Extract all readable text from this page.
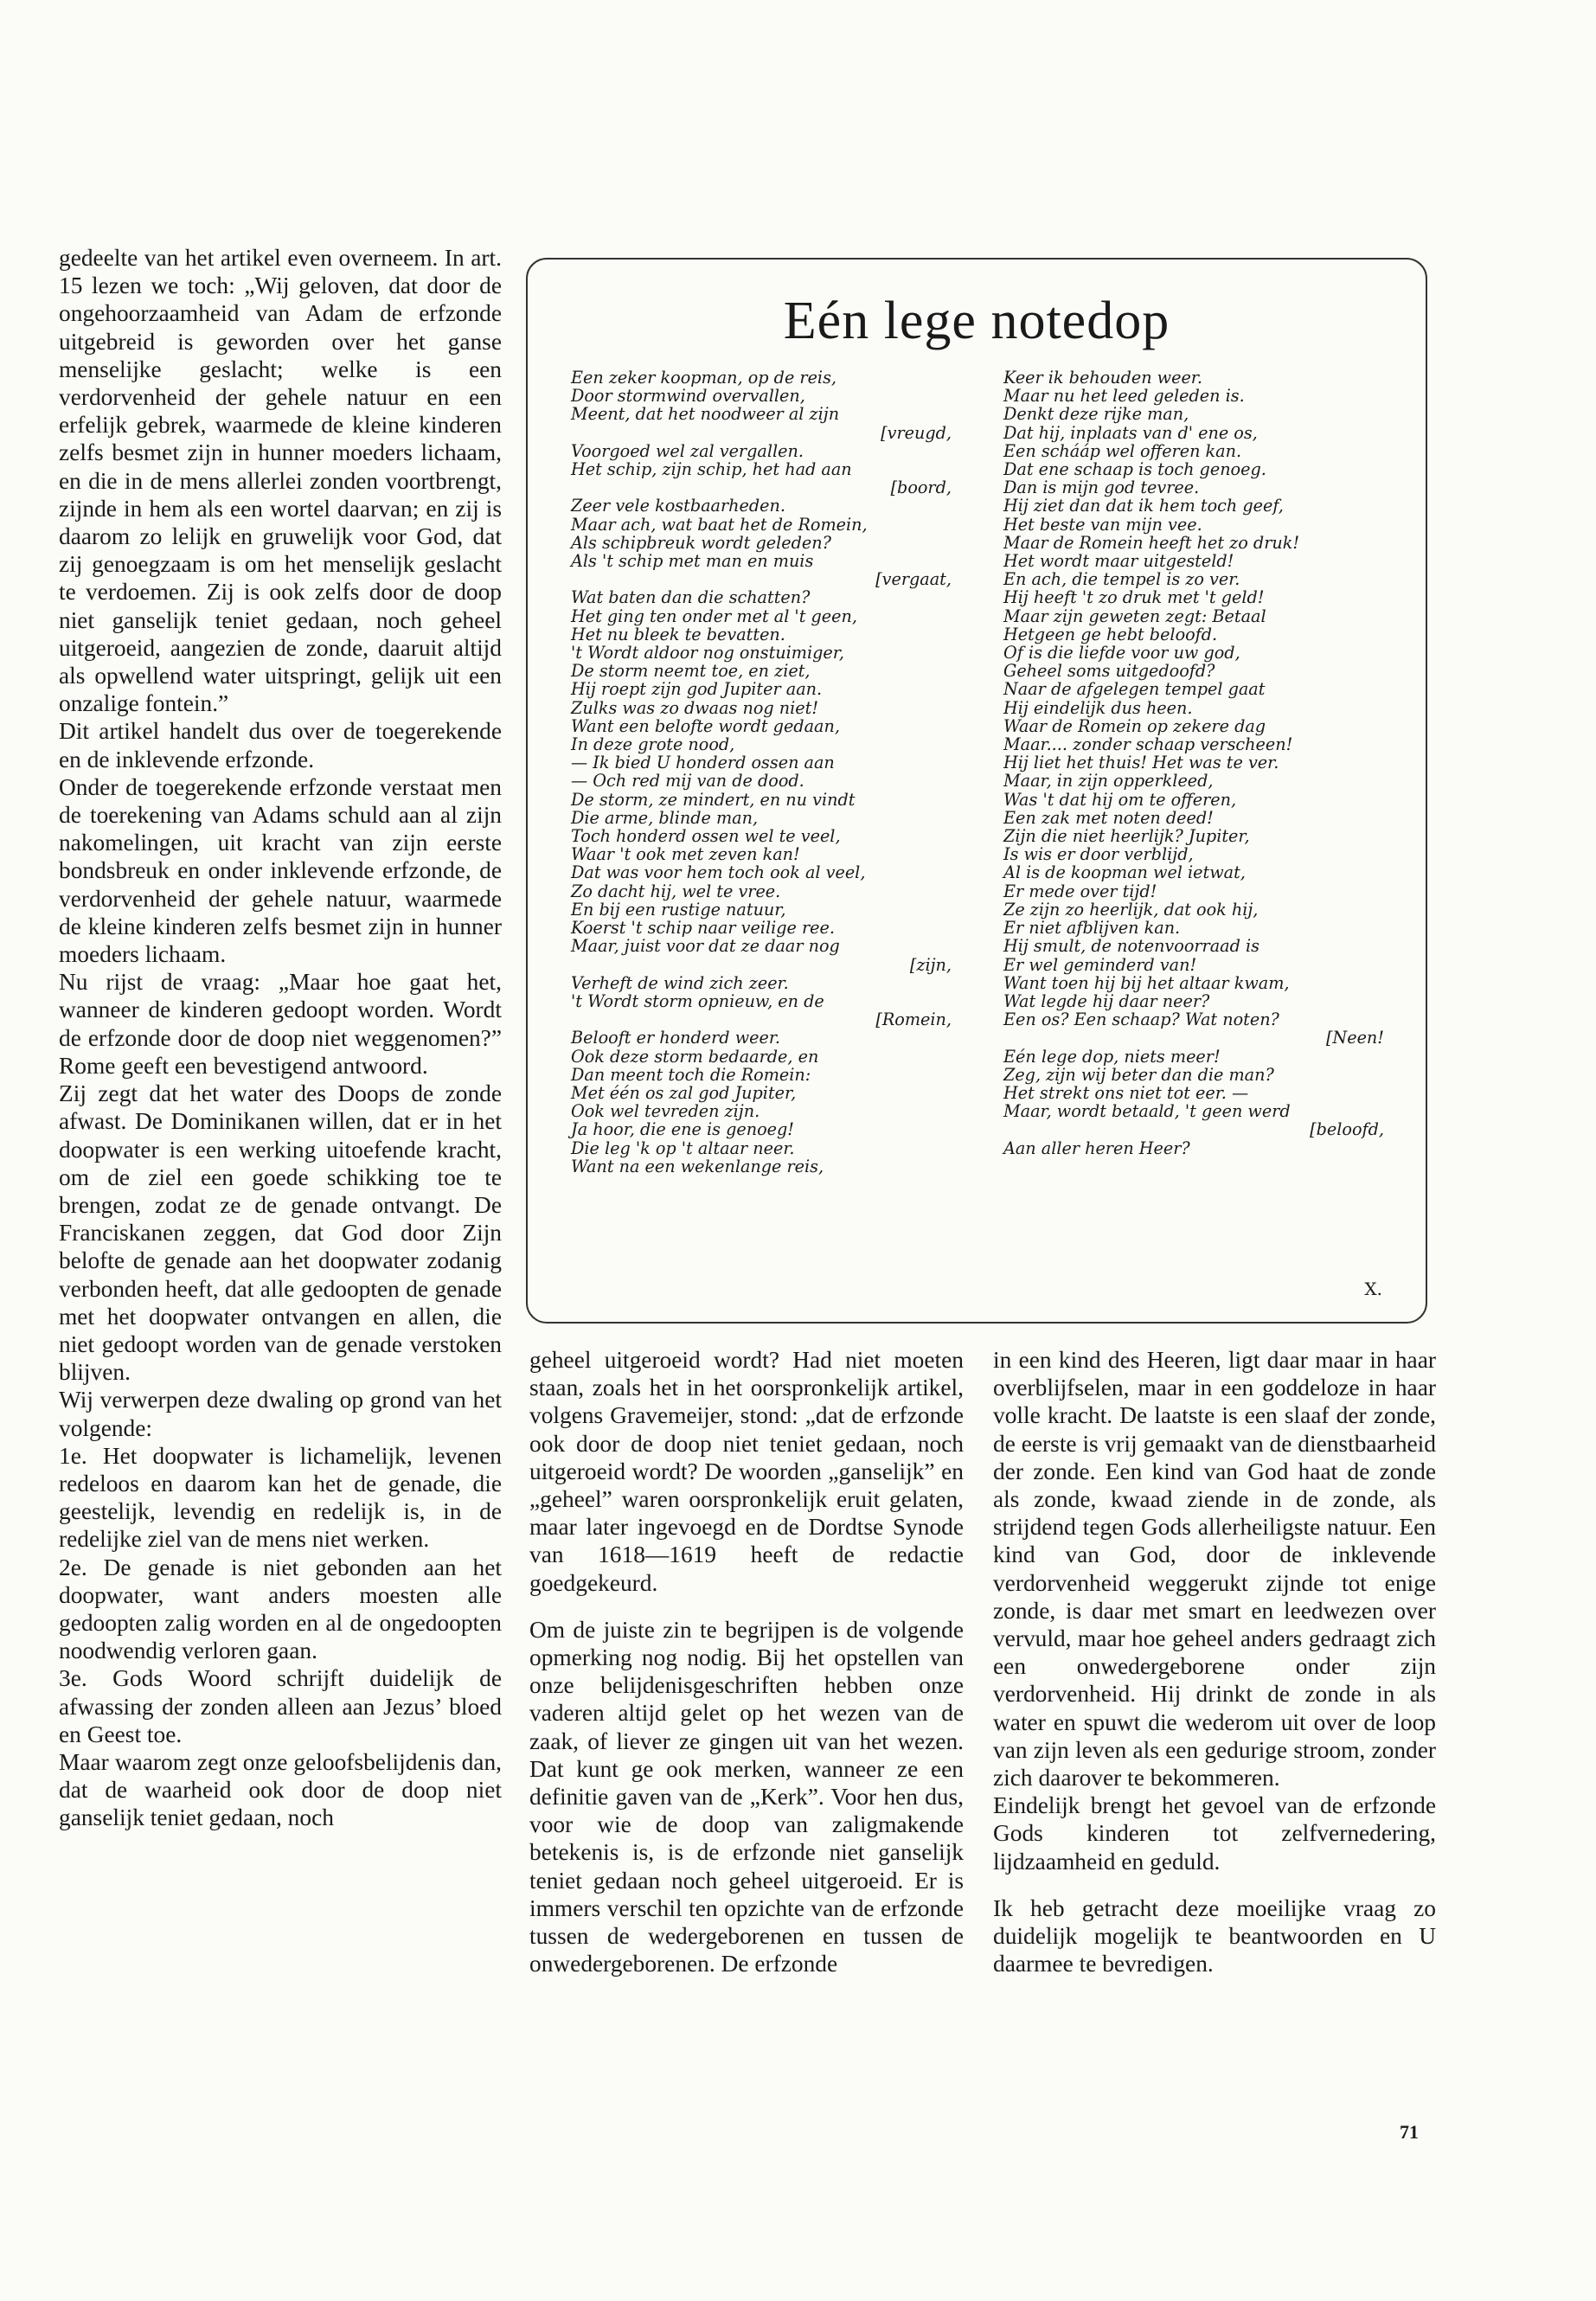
gedeelte van het artikel even overneem. In art. 15 lezen we toch: „Wij geloven, dat door de ongehoorzaamheid van Adam de erfzonde uitgebreid is geworden over het ganse menselijke geslacht; welke is een verdorvenheid der gehele natuur en een erfelijk gebrek, waarmede de kleine kinderen zelfs besmet zijn in hunner moeders lichaam, en die in de mens allerlei zonden voortbrengt, zijnde in hem als een wortel daarvan; en zij is daarom zo lelijk en gruwelijk voor God, dat zij genoegzaam is om het menselijk geslacht te verdoemen. Zij is ook zelfs door de doop niet ganselijk teniet gedaan, noch geheel uitgeroeid, aangezien de zonde, daaruit altijd als opwellend water uitspringt, gelijk uit een onzalige fontein.”

Dit artikel handelt dus over de toegerekende en de inklevende erfzonde.

Onder de toegerekende erfzonde verstaat men de toerekening van Adams schuld aan al zijn nakomelingen, uit kracht van zijn eerste bondsbreuk en onder inklevende erfzonde, de verdorvenheid der gehele natuur, waarmede de kleine kinderen zelfs besmet zijn in hunner moeders lichaam.

Nu rijst de vraag: „Maar hoe gaat het, wanneer de kinderen gedoopt worden. Wordt de erfzonde door de doop niet weggenomen?” Rome geeft een bevestigend antwoord.

Zij zegt dat het water des Doops de zonde afwast. De Dominikanen willen, dat er in het doopwater is een werking uitoefende kracht, om de ziel een goede schikking toe te brengen, zodat ze de genade ontvangt. De Franciskanen zeggen, dat God door Zijn belofte de genade aan het doopwater zodanig verbonden heeft, dat alle gedoopten de genade met het doopwater ontvangen en allen, die niet gedoopt worden van de genade verstoken blijven.

Wij verwerpen deze dwaling op grond van het volgende:

1e. Het doopwater is lichamelijk, levenen redeloos en daarom kan het de genade, die geestelijk, levendig en redelijk is, in de redelijke ziel van de mens niet werken.

2e. De genade is niet gebonden aan het doopwater, want anders moesten alle gedoopten zalig worden en al de ongedoopten noodwendig verloren gaan.

3e. Gods Woord schrijft duidelijk de afwassing der zonden alleen aan Jezus’ bloed en Geest toe.

Maar waarom zegt onze geloofsbelijdenis dan, dat de waarheid ook door de doop niet ganselijk teniet gedaan, noch

Eén lege notedop
Een zeker koopman, op de reis,
Door stormwind overvallen,
Meent, dat het noodweer al zijn
[vreugd,
Voorgoed wel zal vergallen.
Het schip, zijn schip, het had aan
[boord,
Zeer vele kostbaarheden.
Maar ach, wat baat het de Romein,
Als schipbreuk wordt geleden?
Als 't schip met man en muis
[vergaat,
Wat baten dan die schatten?
Het ging ten onder met al 't geen,
Het nu bleek te bevatten.
't Wordt aldoor nog onstuimiger,
De storm neemt toe, en ziet,
Hij roept zijn god Jupiter aan.
Zulks was zo dwaas nog niet!
Want een belofte wordt gedaan,
In deze grote nood,
— Ik bied U honderd ossen aan
— Och red mij van de dood.
De storm, ze mindert, en nu vindt
Die arme, blinde man,
Toch honderd ossen wel te veel,
Waar 't ook met zeven kan!
Dat was voor hem toch ook al veel,
Zo dacht hij, wel te vree.
En bij een rustige natuur,
Koerst 't schip naar veilige ree.
Maar, juist voor dat ze daar nog
[zijn,
Verheft de wind zich zeer.
't Wordt storm opnieuw, en de
[Romein,
Belooft er honderd weer.
Ook deze storm bedaarde, en
Dan meent toch die Romein:
Met één os zal god Jupiter,
Ook wel tevreden zijn.
Ja hoor, die ene is genoeg!
Die leg 'k op 't altaar neer.
Want na een wekenlange reis,
Keer ik behouden weer.
Maar nu het leed geleden is.
Denkt deze rijke man,
Dat hij, inplaats van d' ene os,
Een schááp wel offeren kan.
Dat ene schaap is toch genoeg.
Dan is mijn god tevree.
Hij ziet dan dat ik hem toch geef,
Het beste van mijn vee.
Maar de Romein heeft het zo druk!
Het wordt maar uitgesteld!
En ach, die tempel is zo ver.
Hij heeft 't zo druk met 't geld!
Maar zijn geweten zegt: Betaal
Hetgeen ge hebt beloofd.
Of is die liefde voor uw god,
Geheel soms uitgedoofd?
Naar de afgelegen tempel gaat
Hij eindelijk dus heen.
Waar de Romein op zekere dag
Maar.... zonder schaap verscheen!
Hij liet het thuis! Het was te ver.
Maar, in zijn opperkleed,
Was 't dat hij om te offeren,
Een zak met noten deed!
Zijn die niet heerlijk? Jupiter,
Is wis er door verblijd,
Al is de koopman wel ietwat,
Er mede over tijd!
Ze zijn zo heerlijk, dat ook hij,
Er niet afblijven kan.
Hij smult, de notenvoorraad is
Er wel geminderd van!
Want toen hij bij het altaar kwam,
Wat legde hij daar neer?
Een os? Een schaap? Wat noten?
[Neen!
Eén lege dop, niets meer!
Zeg, zijn wij beter dan die man?
Het strekt ons niet tot eer. —
Maar, wordt betaald, 't geen werd
[beloofd,
Aan aller heren Heer?
X.

geheel uitgeroeid wordt? Had niet moeten staan, zoals het in het oorspronkelijk artikel, volgens Gravemeijer, stond: „dat de erfzonde ook door de doop niet teniet gedaan, noch uitgeroeid wordt? De woorden „ganselijk” en „geheel” waren oorspronkelijk eruit gelaten, maar later ingevoegd en de Dordtse Synode van 1618—1619 heeft de redactie goedgekeurd.

Om de juiste zin te begrijpen is de volgende opmerking nog nodig. Bij het opstellen van onze belijdenisgeschriften hebben onze vaderen altijd gelet op het wezen van de zaak, of liever ze gingen uit van het wezen. Dat kunt ge ook merken, wanneer ze een definitie gaven van de „Kerk”. Voor hen dus, voor wie de doop van zaligmakende betekenis is, is de erfzonde niet ganselijk teniet gedaan noch geheel uitgeroeid. Er is immers verschil ten opzichte van de erfzonde tussen de wedergeborenen en tussen de onwedergeborenen. De erfzonde

in een kind des Heeren, ligt daar maar in haar overblijfselen, maar in een goddeloze in haar volle kracht. De laatste is een slaaf der zonde, de eerste is vrij gemaakt van de dienstbaarheid der zonde. Een kind van God haat de zonde als zonde, kwaad ziende in de zonde, als strijdend tegen Gods allerheiligste natuur. Een kind van God, door de inklevende verdorvenheid weggerukt zijnde tot enige zonde, is daar met smart en leedwezen over vervuld, maar hoe geheel anders gedraagt zich een onwedergeborene onder zijn verdorvenheid. Hij drinkt de zonde in als water en spuwt die wederom uit over de loop van zijn leven als een gedurige stroom, zonder zich daarover te bekommeren.

Eindelijk brengt het gevoel van de erfzonde Gods kinderen tot zelfvernedering, lijdzaamheid en geduld.

Ik heb getracht deze moeilijke vraag zo duidelijk mogelijk te beantwoorden en U daarmee te bevredigen.

71
